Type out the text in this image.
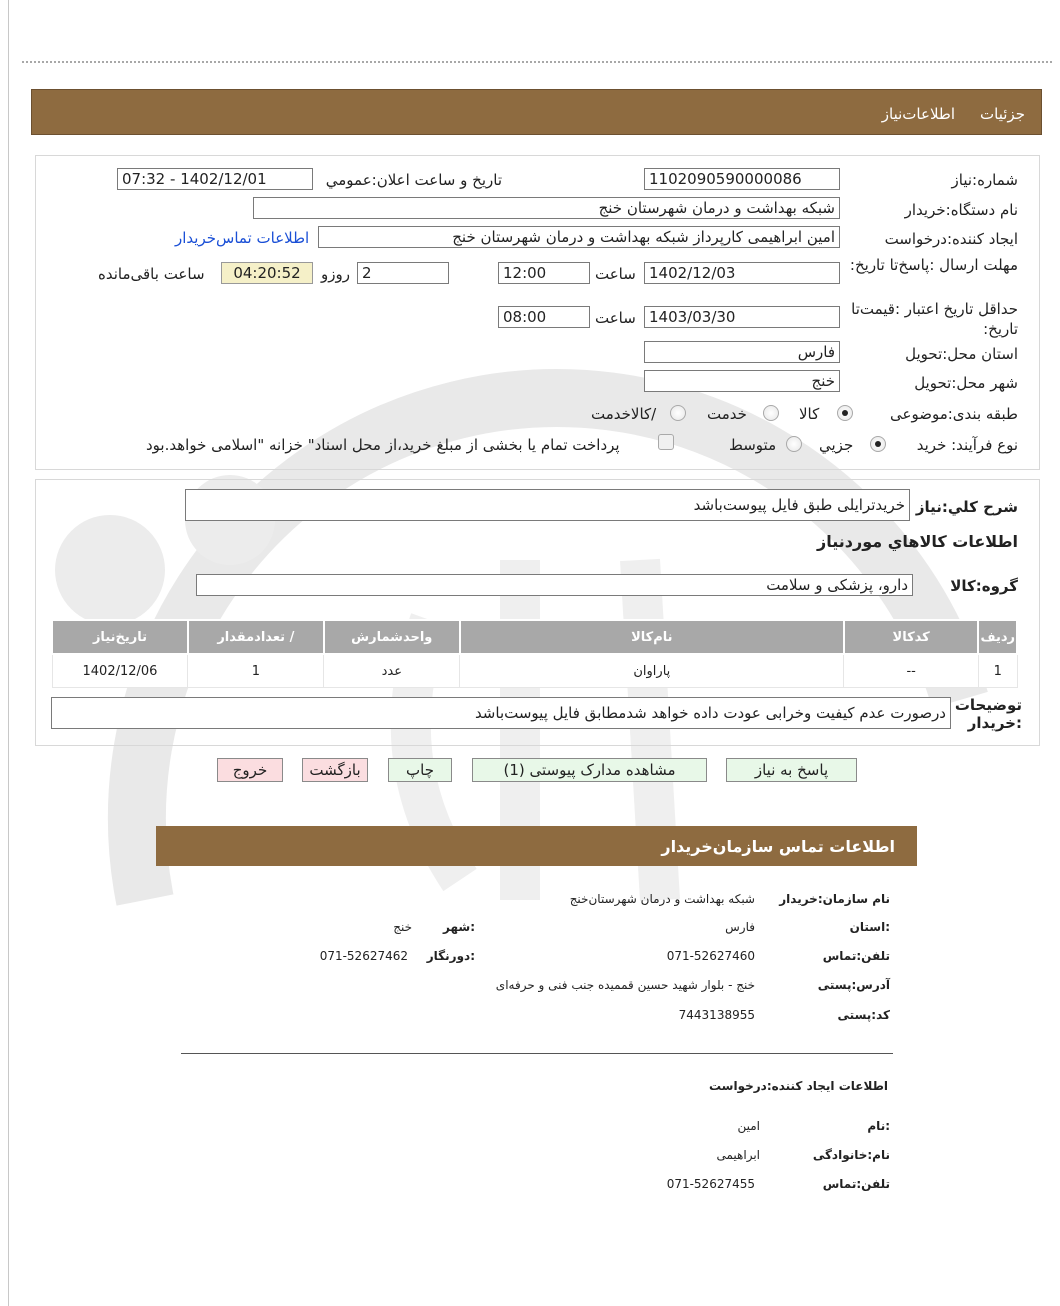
جزئیات
اطلاعات‌نیاز
شماره:نیاز
1102090590000086
تاریخ و ساعت اعلان:عمومي
1402/12/01 - 07:32
نام دستگاه:خریدار
شبکه بهداشت و درمان شهرستان خنج
ایجاد کننده:درخواست
امین ابراهیمی کارپرداز شبکه بهداشت و درمان شهرستان خنج
اطلاعات تماس‌خریدار
مهلت ارسال :پاسخ‌تا تاریخ:
1402/12/03
ساعت
12:00
2
روزو
04:20:52
ساعت باقی‌مانده
حداقل تاریخ اعتبار :قیمت‌تا تاریخ:
1403/03/30
ساعت
08:00
استان محل:تحویل
فارس
شهر محل:تحویل
خنج
طبقه بندی:موضوعی
کالا
خدمت
/کالاخدمت
نوع فرآیند: خرید
جزیي
متوسط
پرداخت تمام یا بخشی از مبلغ خرید،از محل اسناد" خزانه "اسلامی خواهد.بود
شرح کلي:نیاز
خریدترایلی طبق فایل پیوست‌باشد
اطلاعات کالاهاي موردنیاز
گروه:کالا
دارو، پزشکی و سلامت
ردیف	کدکالا	نام‌کالا	واحدشمارش	/ تعدادمقدار	تاریخ‌نیاز
1	--	پاراوان	عدد	1	1402/12/06
توضیحات :خریدار
درصورت عدم کیفیت وخرابی عودت داده خواهد شدمطابق فایل پیوست‌باشد
پاسخ به نیاز
مشاهده مدارک پیوستی (1)
چاپ
بازگشت
خروج
اطلاعات تماس سازمان‌خریدار
نام سازمان:خریدار
شبکه بهداشت و درمان شهرستان‌خنج
:استان
فارس
:شهر
خنج
تلفن:تماس
071-52627460
:دورنگار
071-52627462
آدرس:پستی
خنج - بلوار شهید حسین قممیده جنب فنی و حرفه‌ای
کد:پستی
7443138955
اطلاعات ایجاد کننده:درخواست
:نام
امین
نام:خانوادگی
ابراهیمی
تلفن:تماس
071-52627455
